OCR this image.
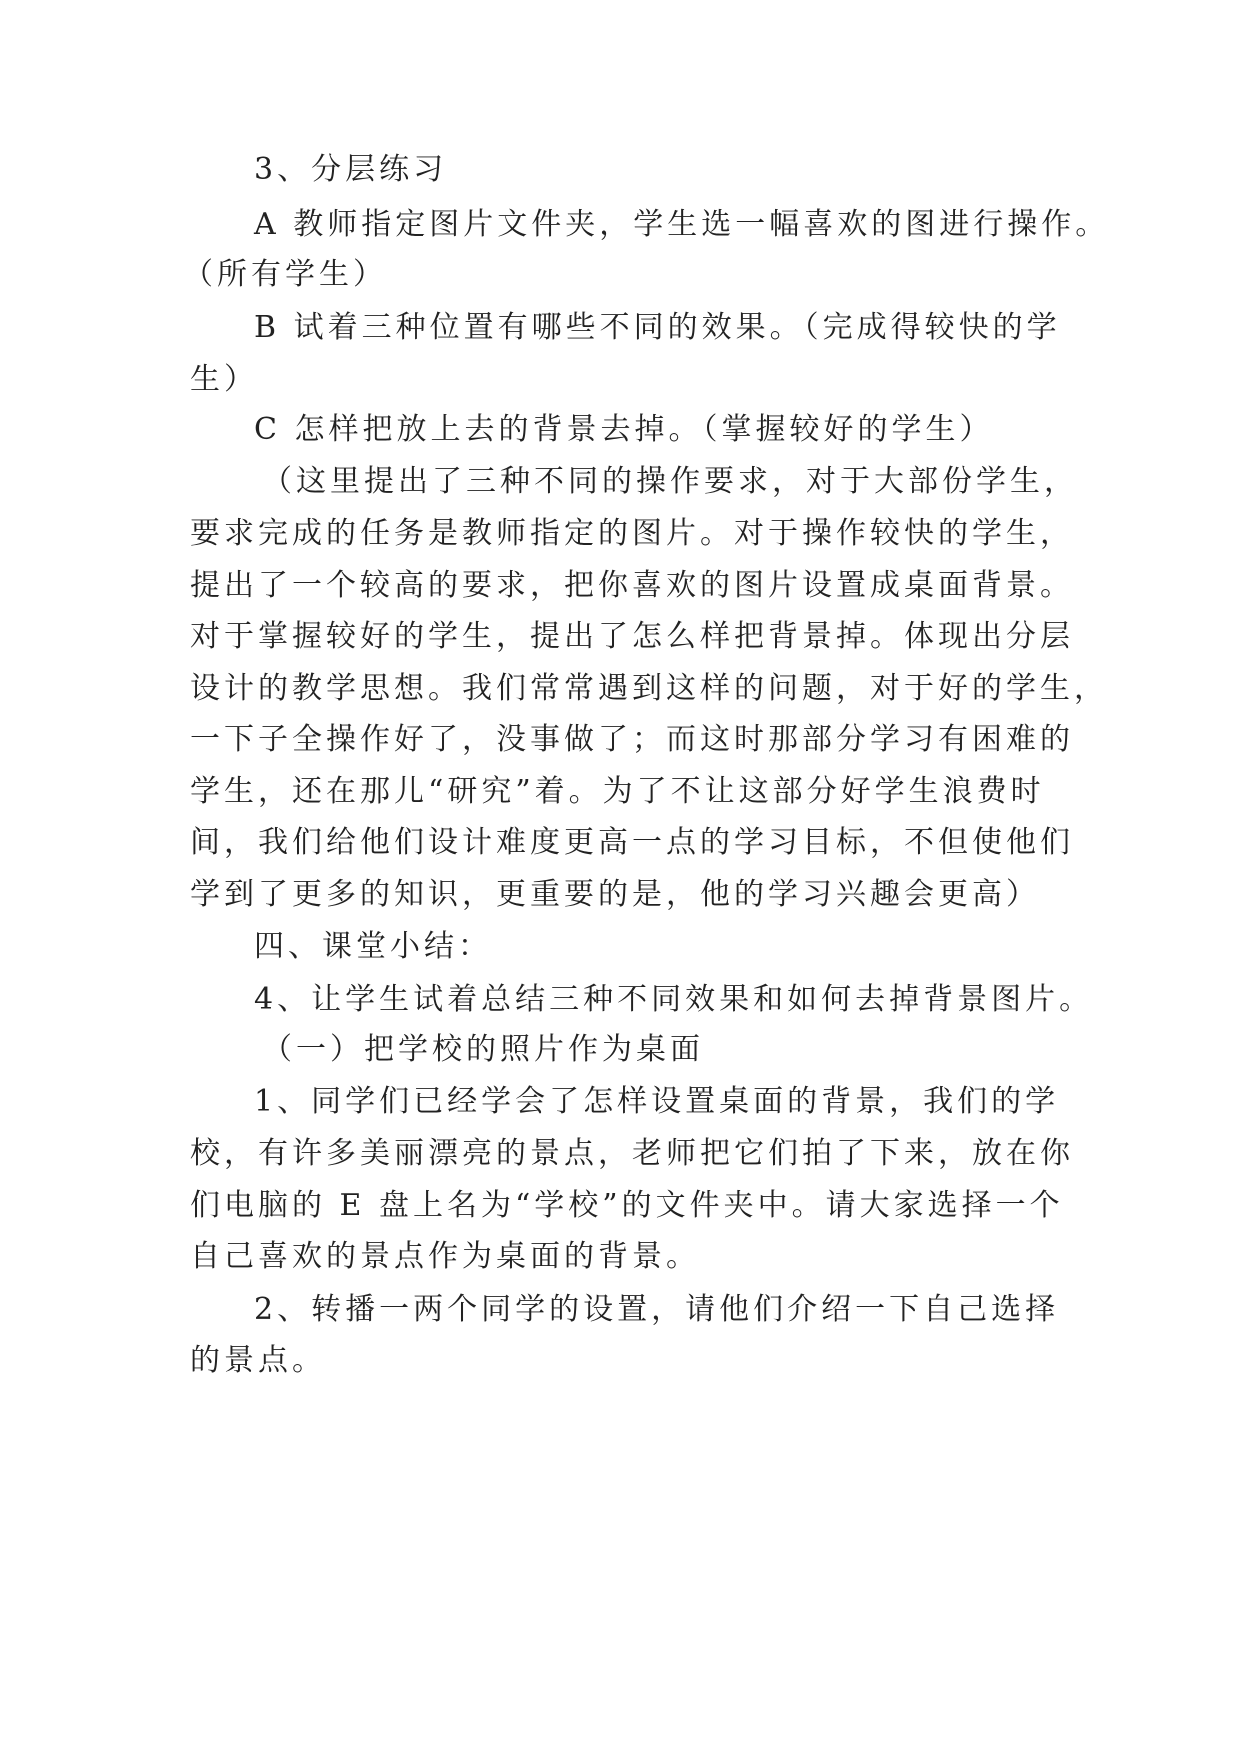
3、分层练习
A 教师指定图片文件夹，学生选一幅喜欢的图进行操作。
（所有学生）
B 试着三种位置有哪些不同的效果。（完成得较快的学
生）
C 怎样把放上去的背景去掉。（掌握较好的学生）
（这里提出了三种不同的操作要求，对于大部份学生，
要求完成的任务是教师指定的图片。对于操作较快的学生，
提出了一个较高的要求，把你喜欢的图片设置成桌面背景。
对于掌握较好的学生，提出了怎么样把背景掉。体现出分层
设计的教学思想。我们常常遇到这样的问题，对于好的学生，
一下子全操作好了，没事做了；而这时那部分学习有困难的
学生，还在那儿“研究”着。为了不让这部分好学生浪费时
间，我们给他们设计难度更高一点的学习目标，不但使他们
学到了更多的知识，更重要的是，他的学习兴趣会更高）
四、课堂小结：
4、让学生试着总结三种不同效果和如何去掉背景图片。
（一）把学校的照片作为桌面
1、同学们已经学会了怎样设置桌面的背景，我们的学
校，有许多美丽漂亮的景点，老师把它们拍了下来，放在你
们电脑的 E 盘上名为“学校”的文件夹中。请大家选择一个
自己喜欢的景点作为桌面的背景。
2、转播一两个同学的设置，请他们介绍一下自己选择
的景点。
